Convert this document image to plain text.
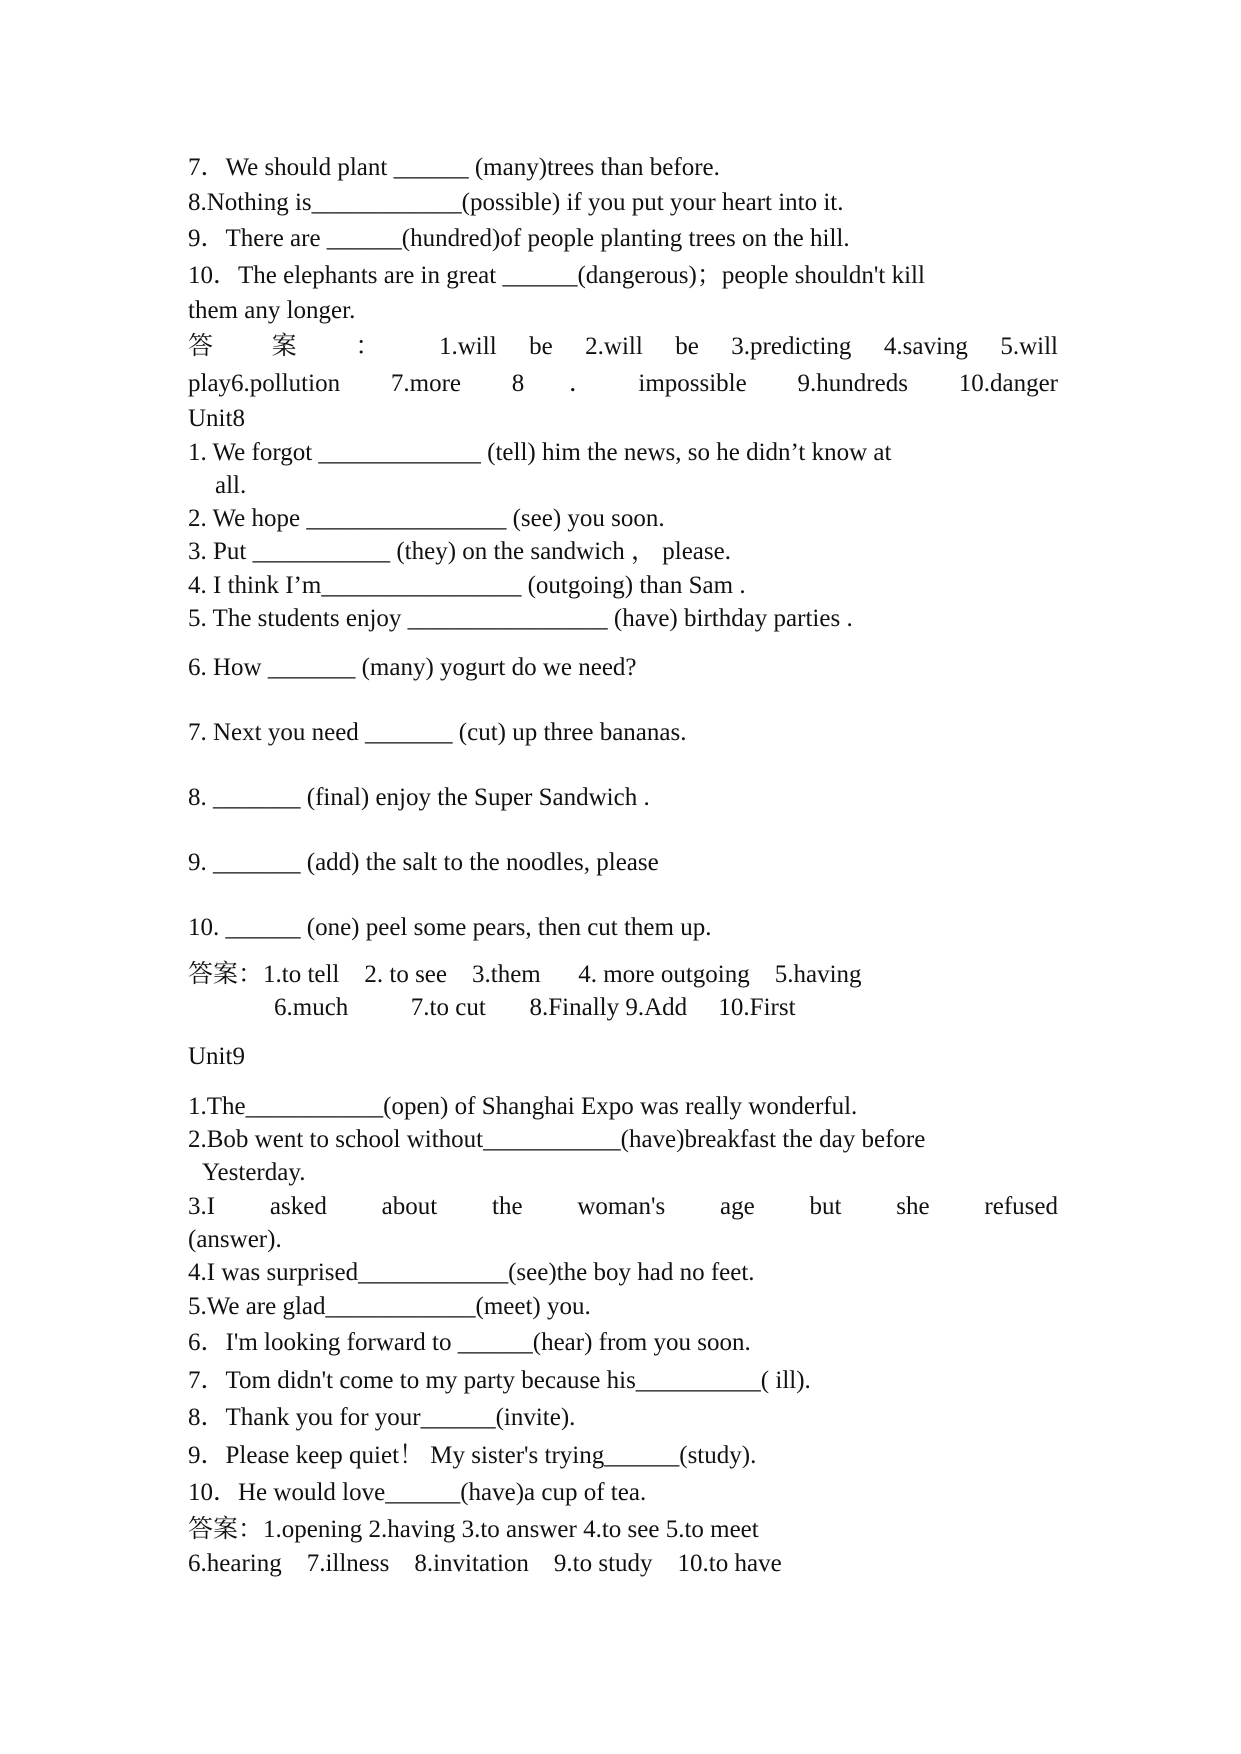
7．We should plant ______ (many)trees than before.

8.Nothing is____________(possible) if you put your heart into it.

9．There are ______(hundred)of people planting trees on the hill.

10．The elephants are in great ______(dangerous)；people shouldn't kill

them any longer.

答 案 ： 1.will be 2.will be 3.predicting 4.saving 5.will

play6.pollution 7.more 8．impossible 9.hundreds 10.danger

Unit8

1. We forgot _____________ (tell) him the news, so he didn’t know at

all.

2. We hope ________________ (see) you soon.

3. Put ___________ (they) on the sandwich ， please.

4. I think I’m________________ (outgoing) than Sam .

5. The students enjoy ________________ (have) birthday parties .

6. How _______ (many) yogurt do we need?

7. Next you need _______ (cut) up three bananas.

8. _______ (final) enjoy the Super Sandwich .

9. _______ (add) the salt to the noodles, please

10. ______ (one) peel some pears, then cut them up.

答案：1.to tell    2. to see    3.them      4. more outgoing    5.having

6.much          7.to cut       8.Finally 9.Add     10.First

Unit9

1.The___________(open) of Shanghai Expo was really wonderful.

2.Bob went to school without___________(have)breakfast the day before

Yesterday.

3.I asked about the woman's age but she refused

(answer).

4.I was surprised____________(see)the boy had no feet.

5.We are glad____________(meet) you.

6．I'm looking forward to ______(hear) from you soon.

7．Tom didn't come to my party because his__________( ill).

8．Thank you for your______(invite).

9．Please keep quiet！ My sister's trying______(study).

10．He would love______(have)a cup of tea.

答案：1.opening 2.having 3.to answer 4.to see 5.to meet

6.hearing    7.illness    8.invitation    9.to study    10.to have
